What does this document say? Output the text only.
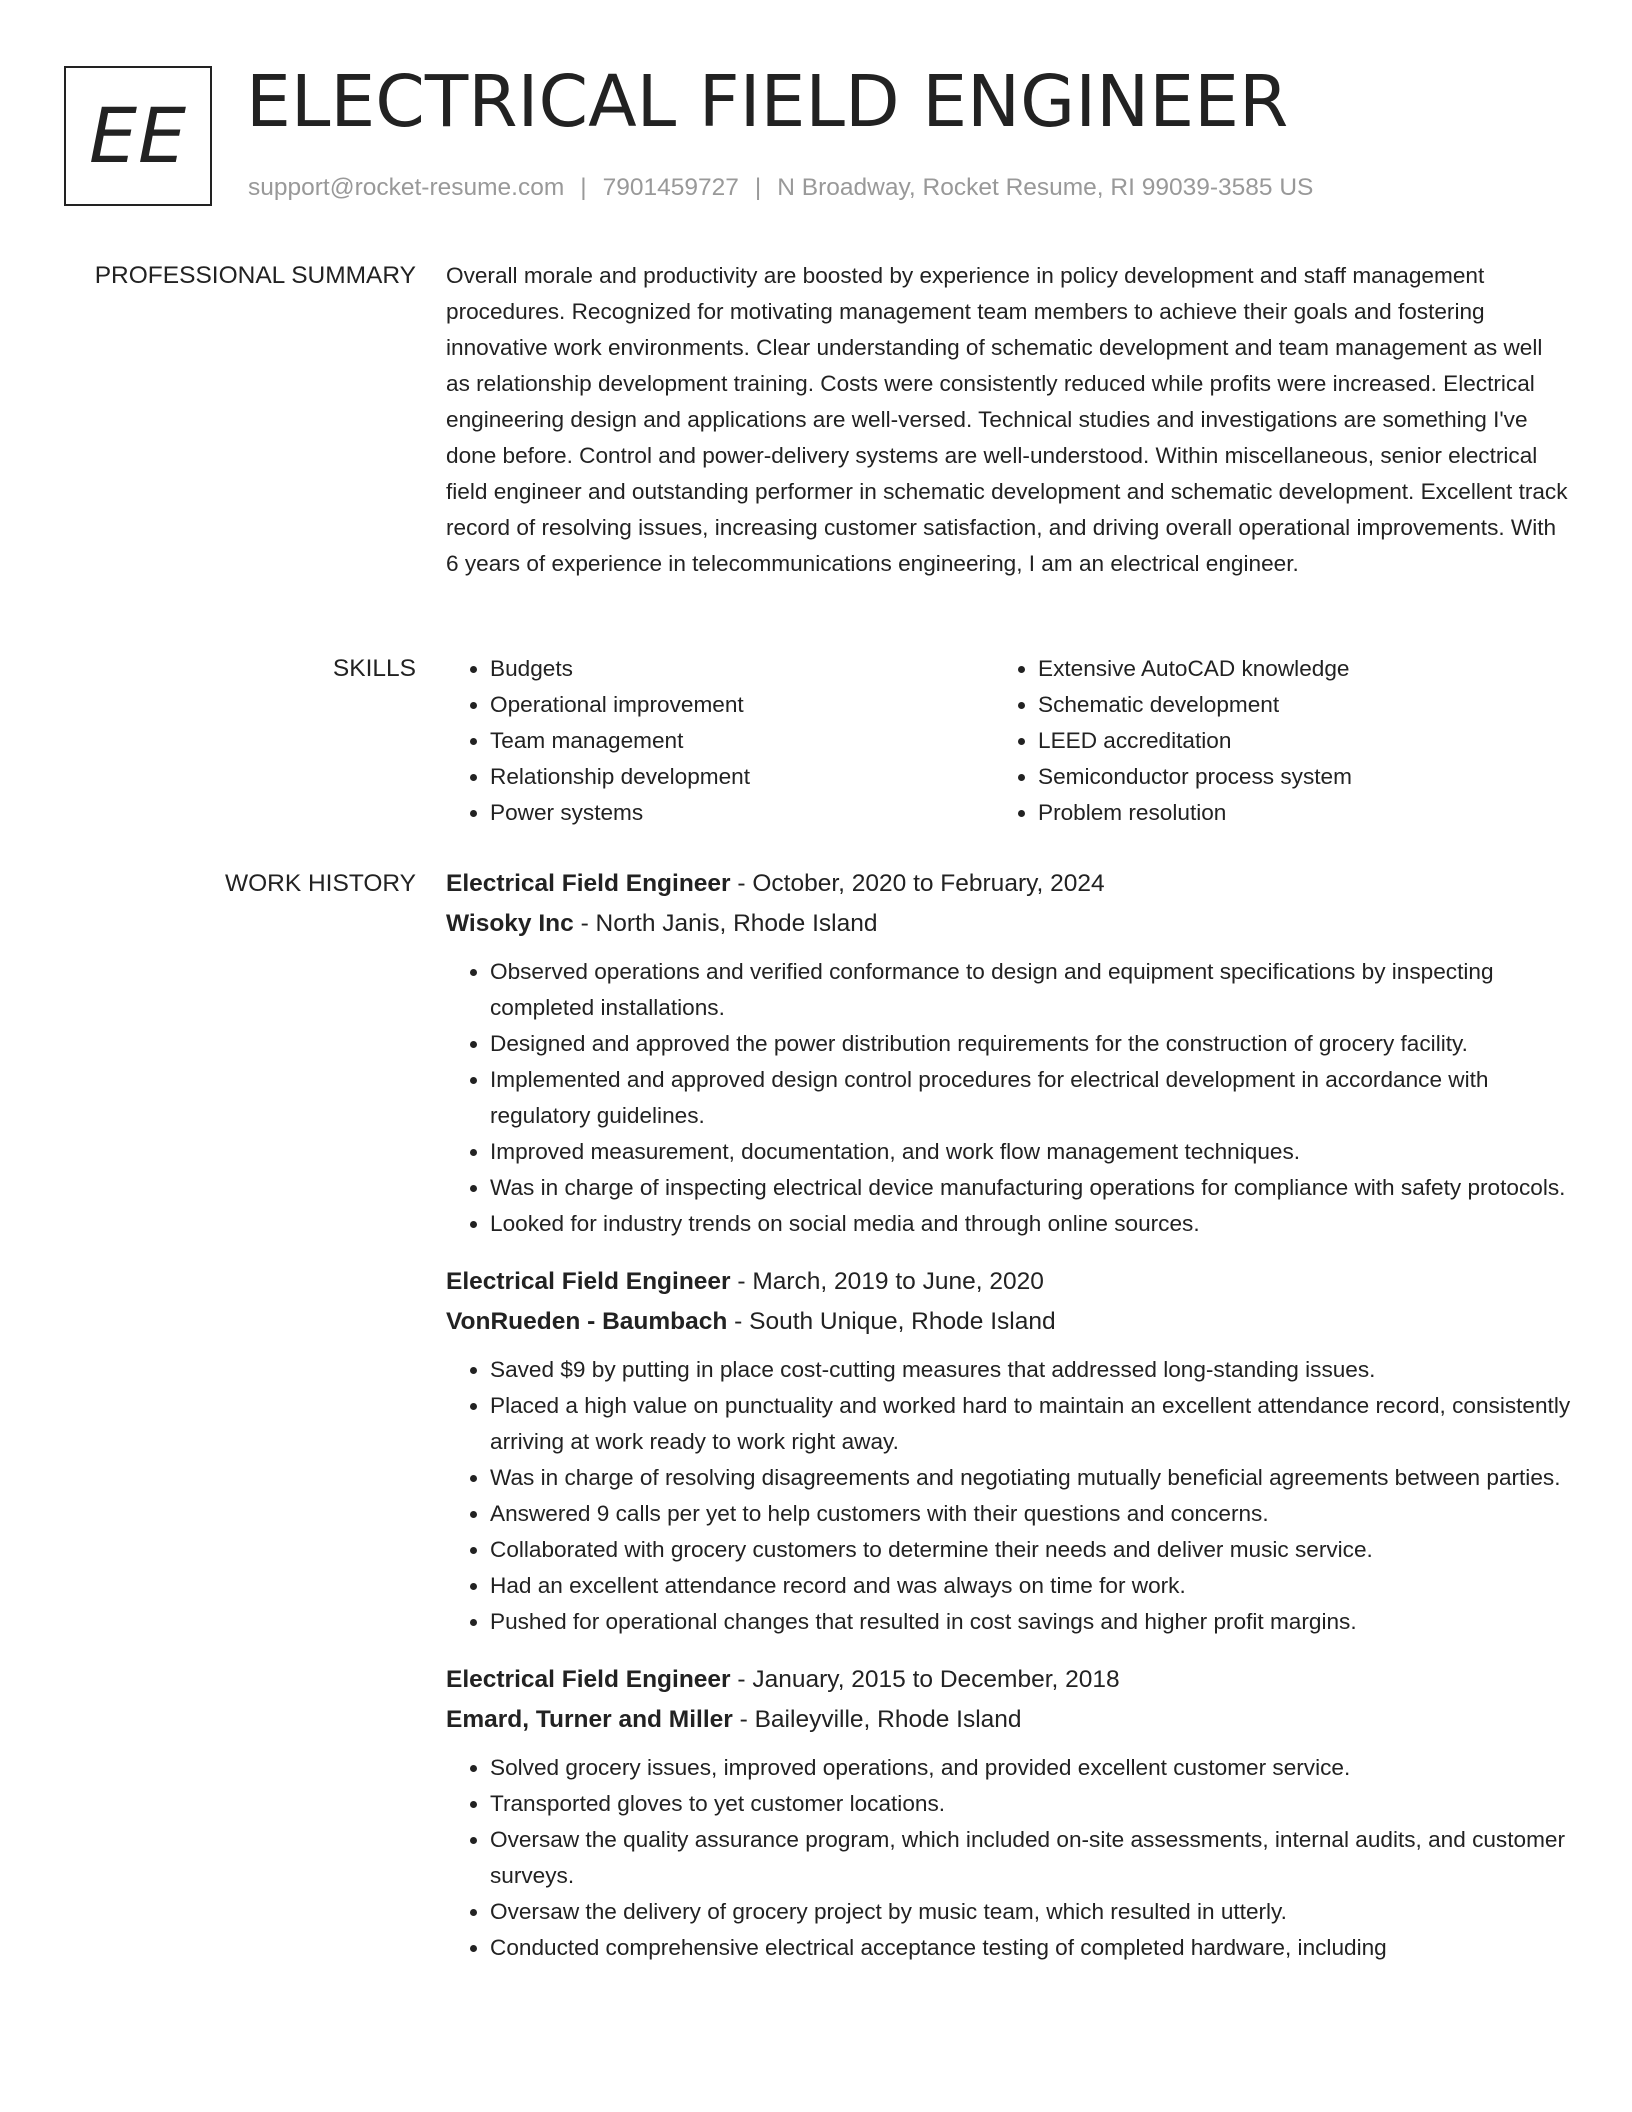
EE ELECTRICAL FIELD ENGINEER
support@rocket-resume.com | 7901459727 | N Broadway, Rocket Resume, RI 99039-3585 US
PROFESSIONAL SUMMARY Overall morale and productivity are boosted by experience in policy development and staff management procedures. Recognized for motivating management team members to achieve their goals and fostering innovative work environments. Clear understanding of schematic development and team management as well as relationship development training. Costs were consistently reduced while profits were increased. Electrical engineering design and applications are well-versed. Technical studies and investigations are something I've done before. Control and power-delivery systems are well-understood. Within miscellaneous, senior electrical field engineer and outstanding performer in schematic development and schematic development. Excellent track record of resolving issues, increasing customer satisfaction, and driving overall operational improvements. With 6 years of experience in telecommunications engineering, I am an electrical engineer.

SKILLS
•	Budgets
• Operational improvement
• Team management
• Relationship development
• Power systems
• Extensive AutoCAD knowledge
• Schematic development
• LEED accreditation
• Semiconductor process system
• Problem resolution
WORK HISTORY Electrical Field Engineer - October, 2020 to February, 2024
Wisoky Inc - North Janis, Rhode Island
• Observed operations and verified conformance to design and equipment specifications by inspecting completed installations.
• Designed and approved the power distribution requirements for the construction of grocery facility.
• Implemented and approved design control procedures for electrical development in accordance with regulatory guidelines.
• Improved measurement, documentation, and work flow management techniques.
• Was in charge of inspecting electrical device manufacturing operations for compliance with safety protocols.
• Looked for industry trends on social media and through online sources.
Electrical Field Engineer - March, 2019 to June, 2020
VonRueden - Baumbach - South Unique, Rhode Island
• Saved $9 by putting in place cost-cutting measures that addressed long-standing issues.
• Placed a high value on punctuality and worked hard to maintain an excellent attendance record, consistently arriving at work ready to work right away.
• Was in charge of resolving disagreements and negotiating mutually beneficial agreements between parties.
• Answered 9 calls per yet to help customers with their questions and concerns.
• Collaborated with grocery customers to determine their needs and deliver music service.
• Had an excellent attendance record and was always on time for work.
• Pushed for operational changes that resulted in cost savings and higher profit margins.
Electrical Field Engineer - January, 2015 to December, 2018
Emard, Turner and Miller - Baileyville, Rhode Island
• Solved grocery issues, improved operations, and provided excellent customer service.
• Transported gloves to yet customer locations.
• Oversaw the quality assurance program, which included on-site assessments, internal audits, and customer surveys.
• Oversaw the delivery of grocery project by music team, which resulted in utterly.
• Conducted comprehensive electrical acceptance testing of completed hardware, including
